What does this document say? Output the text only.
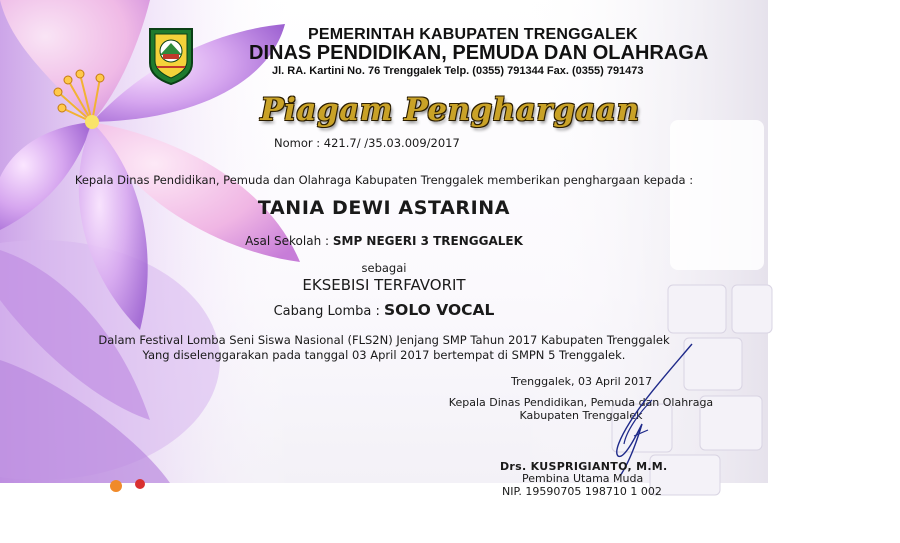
PEMERINTAH KABUPATEN TRENGGALEK
DINAS PENDIDIKAN, PEMUDA DAN OLAHRAGA
Jl. RA. Kartini No. 76 Trenggalek Telp. (0355) 791344 Fax. (0355) 791473
Piagam Penghargaan
Nomor : 421.7/ /35.03.009/2017
Kepala Dinas Pendidikan, Pemuda dan Olahraga Kabupaten Trenggalek memberikan penghargaan kepada :
TANIA DEWI ASTARINA
Asal Sekolah : SMP NEGERI 3 TRENGGALEK
sebagai
EKSEBISI TERFAVORIT
Cabang Lomba : SOLO VOCAL
Dalam Festival Lomba Seni Siswa Nasional (FLS2N) Jenjang SMP Tahun 2017 Kabupaten Trenggalek
Yang diselenggarakan pada tanggal 03 April 2017 bertempat di SMPN 5 Trenggalek.
Trenggalek, 03 April 2017
Kepala Dinas Pendidikan, Pemuda dan Olahraga
Kabupaten Trenggalek
Drs. KUSPRIGIANTO, M.M.
Pembina Utama Muda
NIP. 19590705 198710 1 002
